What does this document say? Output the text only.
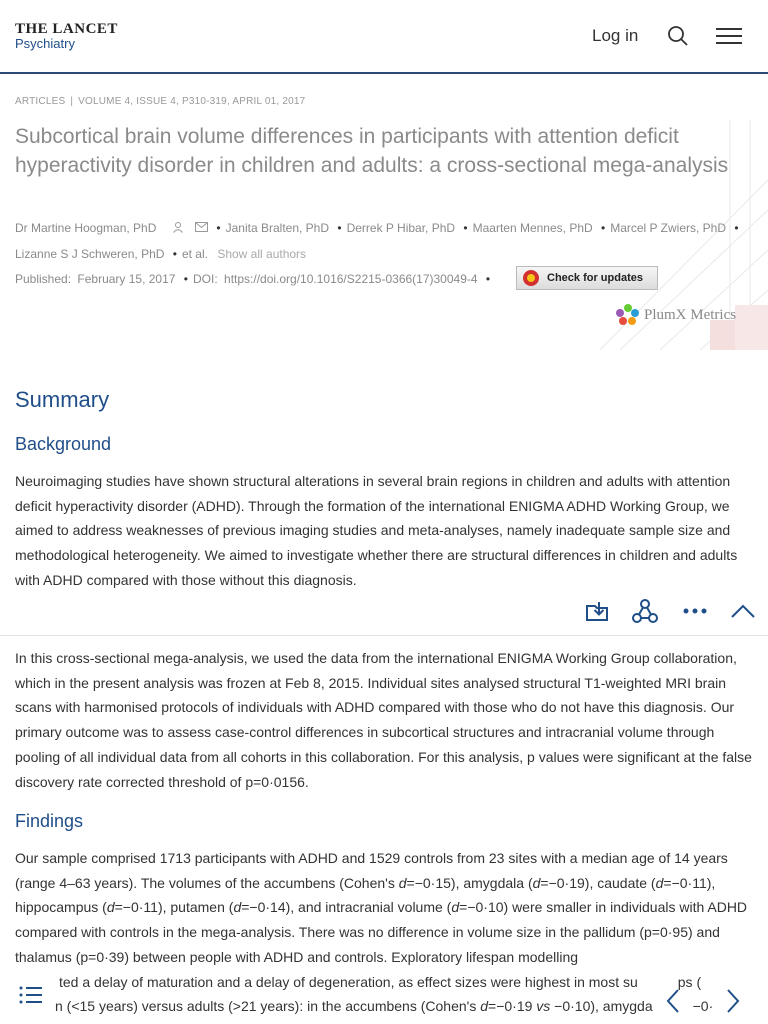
THE LANCET
Psychiatry	Log in
ARTICLES | VOLUME 4, ISSUE 4, P310-319, APRIL 01, 2017
Subcortical brain volume differences in participants with attention deficit hyperactivity disorder in children and adults: a cross-sectional mega-analysis
Dr Martine Hoogman, PhD	• Janita Bralten, PhD • Derrek P Hibar, PhD • Maarten Mennes, PhD • Marcel P Zwiers, PhD •
Lizanne S J Schweren, PhD • et al. Show all authors
Published: February 15, 2017 • DOI: https://doi.org/10.1016/S2215-0366(17)30049-4 •	Check for updates
PlumX Metrics
Summary
Background
Neuroimaging studies have shown structural alterations in several brain regions in children and adults with attention deficit hyperactivity disorder (ADHD). Through the formation of the international ENIGMA ADHD Working Group, we aimed to address weaknesses of previous imaging studies and meta-analyses, namely inadequate sample size and methodological heterogeneity. We aimed to investigate whether there are structural differences in children and adults with ADHD compared with those without this diagnosis.
In this cross-sectional mega-analysis, we used the data from the international ENIGMA Working Group collaboration, which in the present analysis was frozen at Feb 8, 2015. Individual sites analysed structural T1-weighted MRI brain scans with harmonised protocols of individuals with ADHD compared with those who do not have this diagnosis. Our primary outcome was to assess case-control differences in subcortical structures and intracranial volume through pooling of all individual data from all cohorts in this collaboration. For this analysis, p values were significant at the false discovery rate corrected threshold of p=0·0156.
Findings
Our sample comprised 1713 participants with ADHD and 1529 controls from 23 sites with a median age of 14 years (range 4–63 years). The volumes of the accumbens (Cohen's d=−0·15), amygdala (d=−0·19), caudate (d=−0·11), hippocampus (d=−0·11), putamen (d=−0·14), and intracranial volume (d=−0·10) were smaller in individuals with ADHD compared with controls in the mega-analysis. There was no difference in volume size in the pallidum (p=0·95) and thalamus (p=0·39) between people with ADHD and controls. Exploratory lifespan modelling
ted a delay of maturation and a delay of degeneration, as effect sizes were highest in most su	ps (
n (<15 years) versus adults (>21 years): in the accumbens (Cohen's d=−0·19 vs −0·10), amygda	−0·
